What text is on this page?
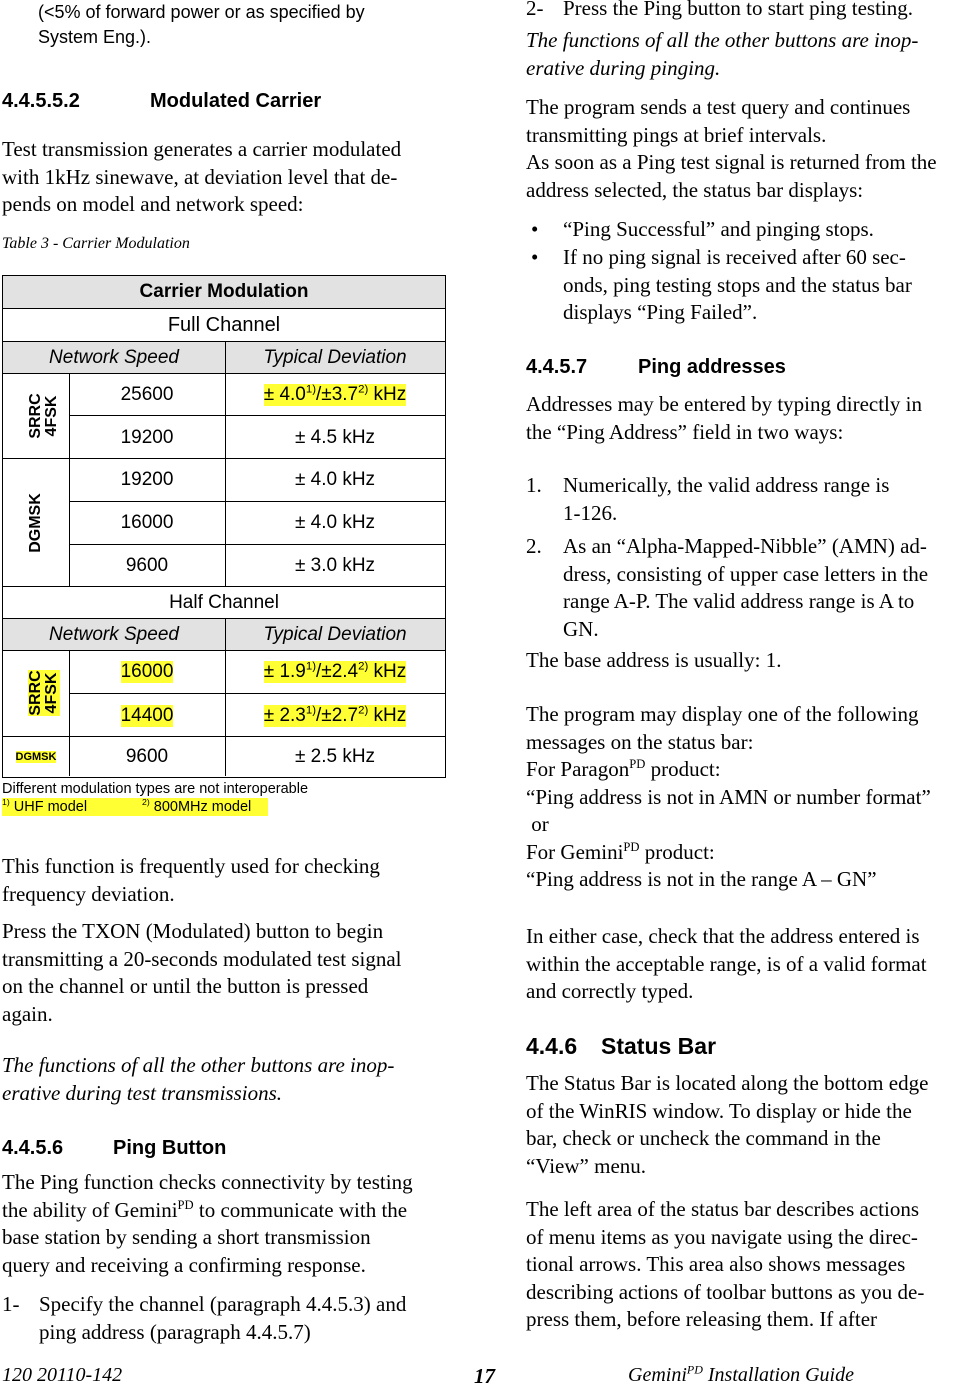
(<5% of forward power or as specified by
System Eng.).
4.4.5.5.2	Modulated Carrier
Test transmission generates a carrier modulated
with 1kHz sinewave, at deviation level that de-
pends on model and network speed:
Table 3 - Carrier Modulation
Carrier Modulation
Full Channel
Network Speed	Typical Deviation
SRRC 4FSK
25600	± $4.0^{1)}/\pm 3.7^{2)}$ kHz
19200	± 4.5 kHz
DGMSK
19200	± 4.0 kHz
16000	± 4.0 kHz
9600	± 3.0 kHz
Half Channel
Network Speed	Typical Deviation
SRRC 4FSK
16000	± $1.9^{1)}/\pm 2.4^{2)}$ kHz
14400	± $2.3^{1)}/\pm 2.7^{2)}$ kHz
DGMSK	9600	± 2.5 kHz
Different modulation types are not interoperable
$^{1)}$ UHF model	$^{2)}$ 800MHz model
This function is frequently used for checking
frequency deviation.
Press the TXON (Modulated) button to begin
transmitting a 20-seconds modulated test signal
on the channel or until the button is pressed
again.
The functions of all the other buttons are inop-
erative during test transmissions.
4.4.5.6 Ping Button
The Ping function checks connectivity by testing
the ability of Gemini$^{PD}$ to communicate with the
base station by sending a short transmission
query and receiving a confirming response.
1- Specify the channel (paragraph 4.4.5.3) and
ping address (paragraph 4.4.5.7)
2- Press the Ping button to start ping testing.
The functions of all the other buttons are inop-
erative during pinging.
The program sends a test query and continues
transmitting pings at brief intervals.
As soon as a Ping test signal is returned from the
address selected, the status bar displays:
• “Ping Successful” and pinging stops.
• If no ping signal is received after 60 sec-
onds, ping testing stops and the status bar
displays “Ping Failed”.
4.4.5.7	Ping addresses
Addresses may be entered by typing directly in
the “Ping Address” field in two ways:
1. Numerically, the valid address range is
1-126.
2. As an “Alpha-Mapped-Nibble” (AMN) ad-
dress, consisting of upper case letters in the
range A-P. The valid address range is A to
GN.
The base address is usually: 1.
The program may display one of the following
messages on the status bar:
For Paragon$^{PD}$ product:
“Ping address is not in AMN or number format”
or
For Gemini$^{PD}$ product:
“Ping address is not in the range A – GN”
In either case, check that the address entered is
within the acceptable range, is of a valid format
and correctly typed.
4.4.6 Status Bar
The Status Bar is located along the bottom edge
of the WinRIS window. To display or hide the
bar, check or uncheck the command in the
“View” menu.
The left area of the status bar describes actions
of menu items as you navigate using the direc-
tional arrows. This area also shows messages
describing actions of toolbar buttons as you de-
press them, before releasing them. If after
120 20110-142	17	Gemini$^{PD}$ Installation Guide
